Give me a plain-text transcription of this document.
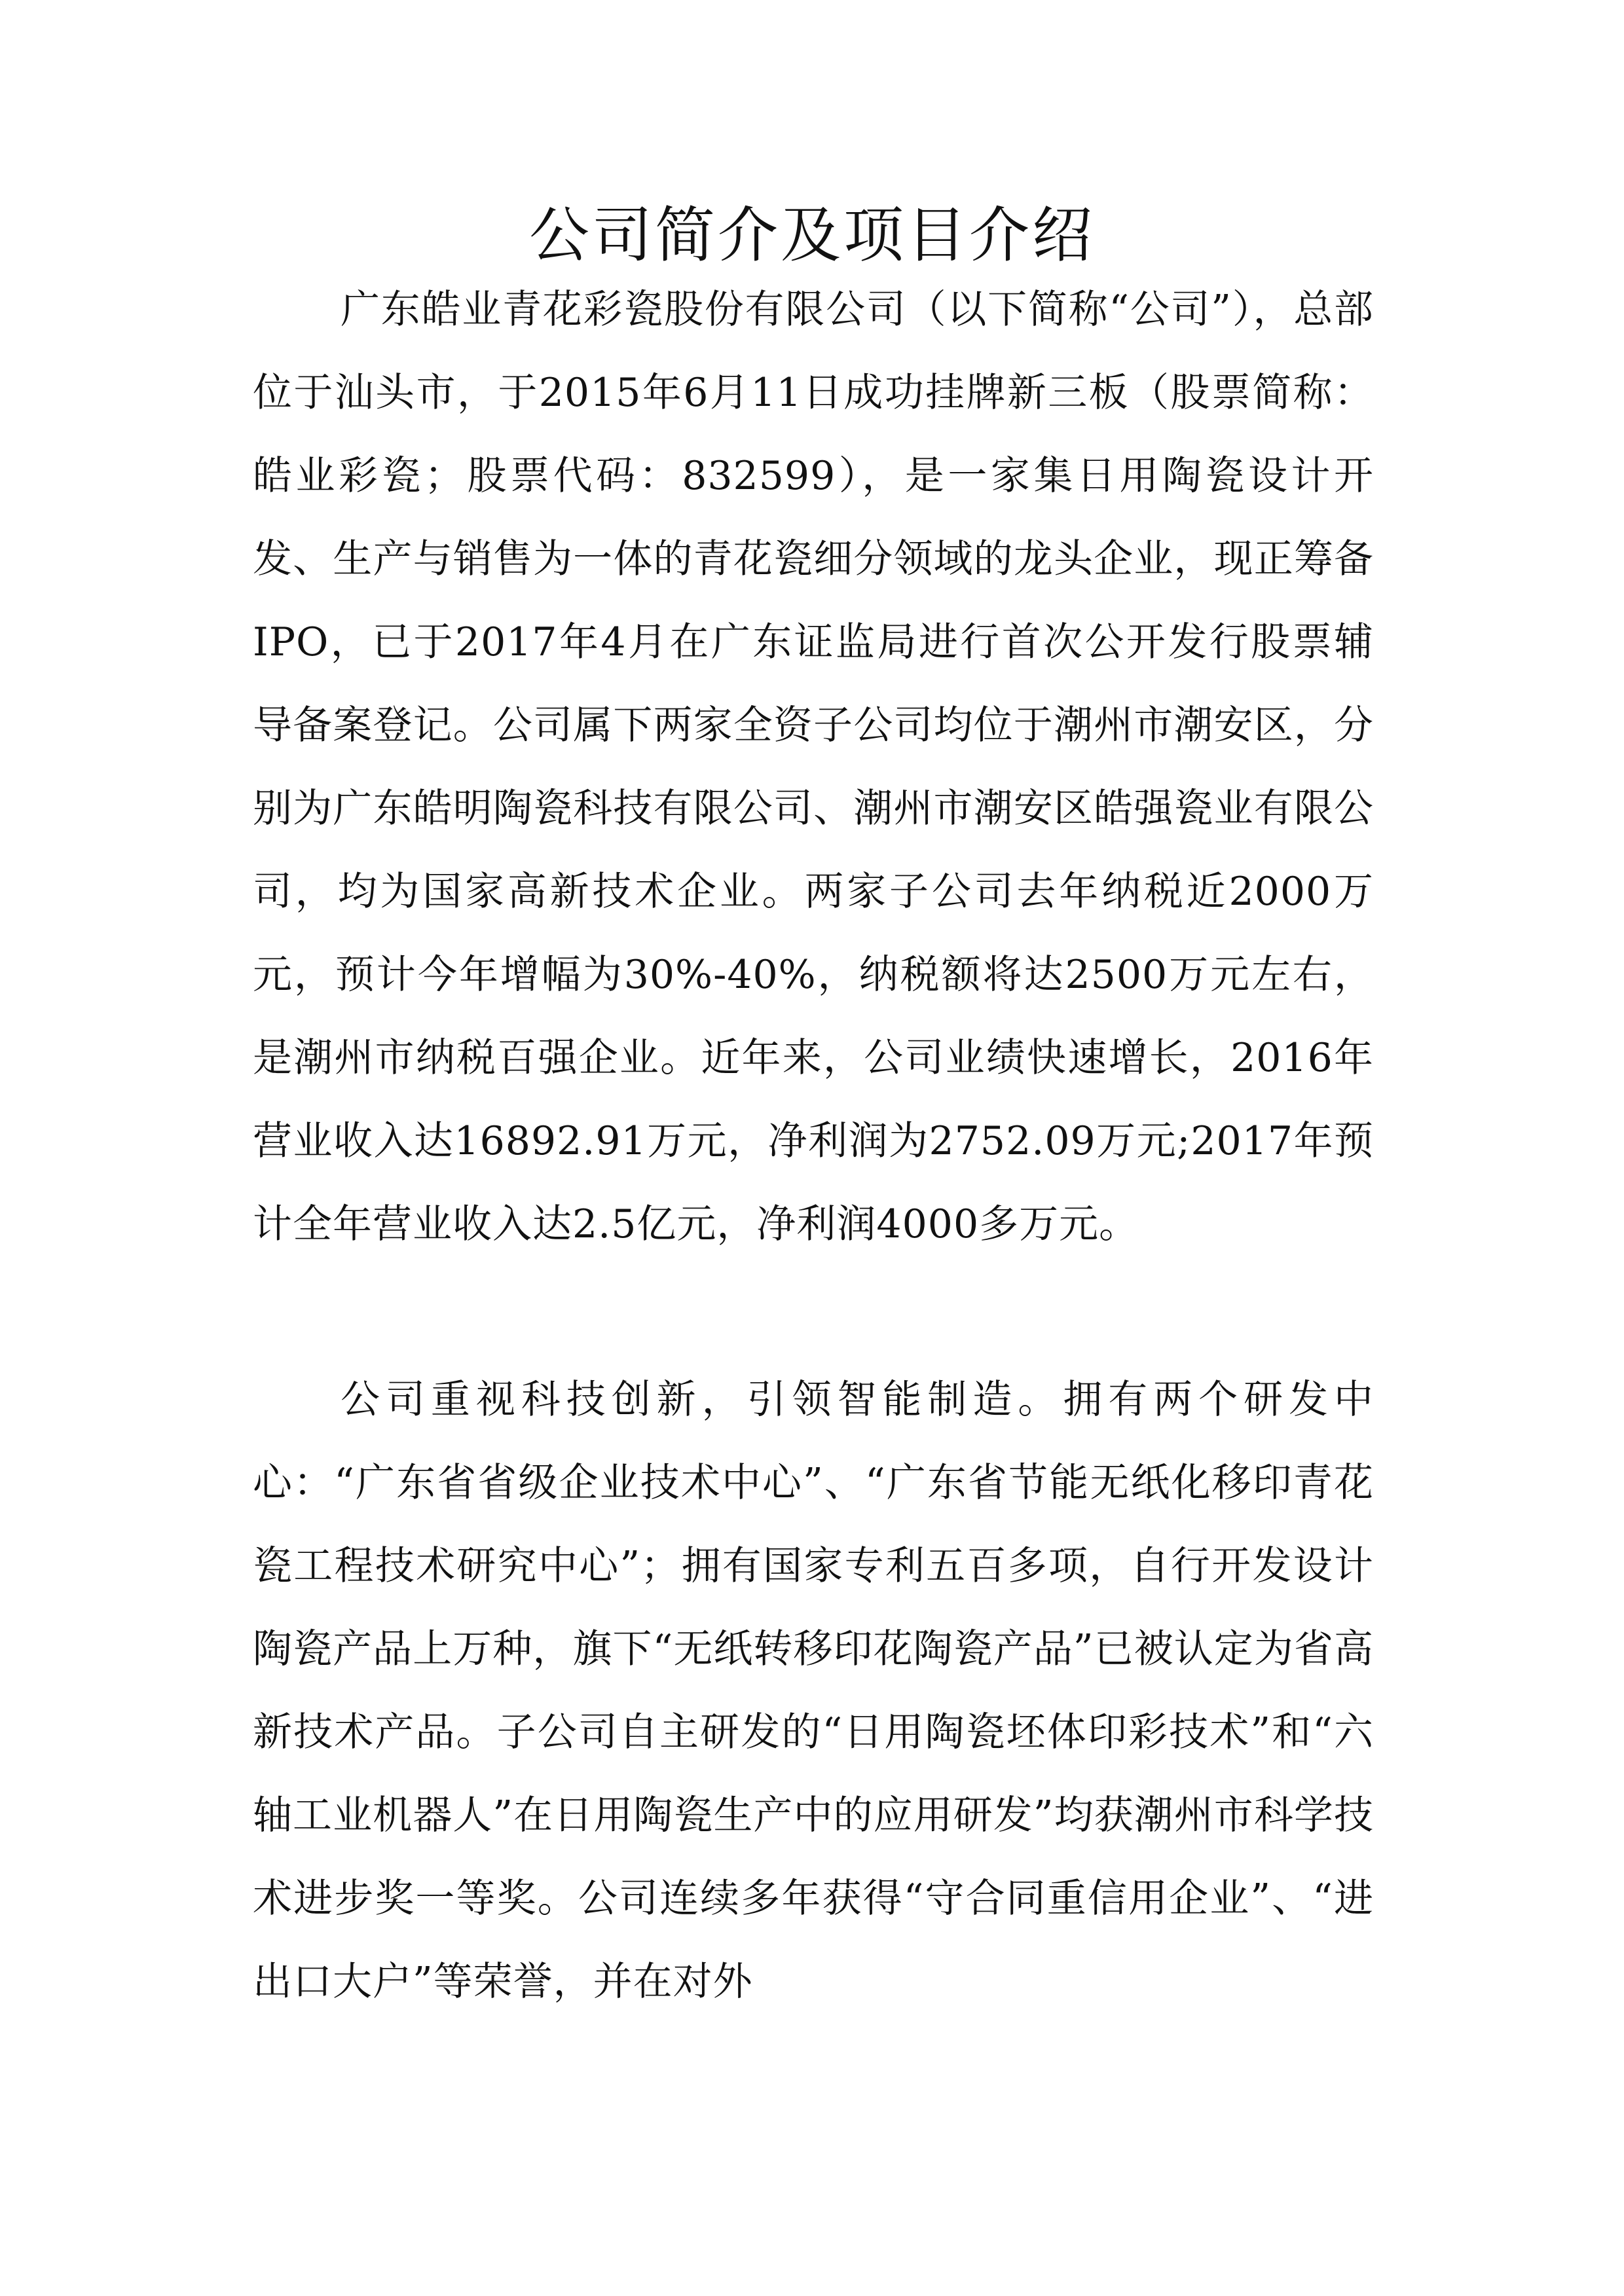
公司简介及项目介绍

广东皓业青花彩瓷股份有限公司（以下简称“公司”），总部位于汕头市，于2015年6月11日成功挂牌新三板（股票简称：皓业彩瓷；股票代码：832599），是一家集日用陶瓷设计开发、生产与销售为一体的青花瓷细分领域的龙头企业，现正筹备IPO，已于2017年4月在广东证监局进行首次公开发行股票辅导备案登记。公司属下两家全资子公司均位于潮州市潮安区，分别为广东皓明陶瓷科技有限公司、潮州市潮安区皓强瓷业有限公司，均为国家高新技术企业。两家子公司去年纳税近2000万元，预计今年增幅为30%-40%，纳税额将达2500万元左右，是潮州市纳税百强企业。近年来，公司业绩快速增长，2016年营业收入达16892.91万元，净利润为2752.09万元;2017年预计全年营业收入达2.5亿元，净利润4000多万元。

公司重视科技创新，引领智能制造。拥有两个研发中心：“广东省省级企业技术中心”、“广东省节能无纸化移印青花瓷工程技术研究中心”；拥有国家专利五百多项，自行开发设计陶瓷产品上万种，旗下“无纸转移印花陶瓷产品”已被认定为省高新技术产品。子公司自主研发的“日用陶瓷坯体印彩技术”和“六轴工业机器人”在日用陶瓷生产中的应用研发”均获潮州市科学技术进步奖一等奖。公司连续多年获得“守合同重信用企业”、“进出口大户”等荣誉，并在对外
